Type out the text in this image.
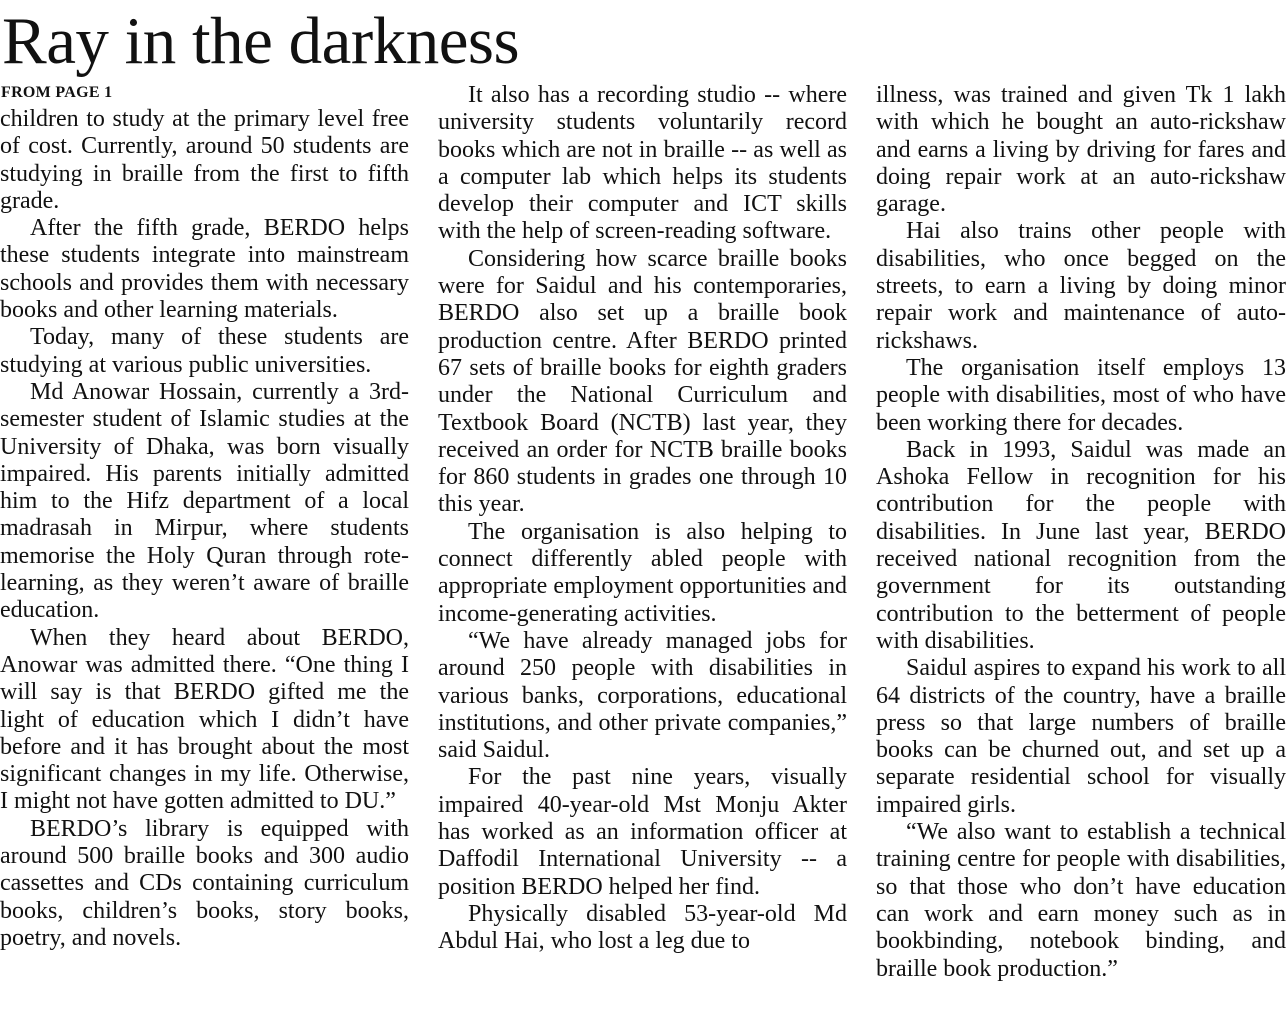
Ray in the darkness
FROM PAGE 1

children to study at the primary level free of cost. Currently, around 50 students are studying in braille from the first to fifth grade.

After the fifth grade, BERDO helps these students integrate into mainstream schools and provides them with necessary books and other learning materials.

Today, many of these students are studying at various public universities.

Md Anowar Hossain, currently a 3rd-semester student of Islamic studies at the University of Dhaka, was born visually impaired. His parents initially admitted him to the Hifz department of a local madrasah in Mirpur, where students memorise the Holy Quran through rote-learning, as they weren’t aware of braille education.

When they heard about BERDO, Anowar was admitted there. “One thing I will say is that BERDO gifted me the light of education which I didn’t have before and it has brought about the most significant changes in my life. Otherwise, I might not have gotten admitted to DU.”

BERDO’s library is equipped with around 500 braille books and 300 audio cassettes and CDs containing curriculum books, children’s books, story books, poetry, and novels.

It also has a recording studio -- where university students voluntarily record books which are not in braille -- as well as a computer lab which helps its students develop their computer and ICT skills with the help of screen-reading software.

Considering how scarce braille books were for Saidul and his contemporaries, BERDO also set up a braille book production centre. After BERDO printed 67 sets of braille books for eighth graders under the National Curriculum and Textbook Board (NCTB) last year, they received an order for NCTB braille books for 860 students in grades one through 10 this year.

The organisation is also helping to connect differently abled people with appropriate employment opportunities and income-generating activities.

“We have already managed jobs for around 250 people with disabilities in various banks, corporations, educational institutions, and other private companies,” said Saidul.

For the past nine years, visually impaired 40-year-old Mst Monju Akter has worked as an information officer at Daffodil International University -- a position BERDO helped her find.

Physically disabled 53-year-old Md Abdul Hai, who lost a leg due to

illness, was trained and given Tk 1 lakh with which he bought an auto-rickshaw and earns a living by driving for fares and doing repair work at an auto-rickshaw garage.

Hai also trains other people with disabilities, who once begged on the streets, to earn a living by doing minor repair work and maintenance of auto-rickshaws.

The organisation itself employs 13 people with disabilities, most of who have been working there for decades.

Back in 1993, Saidul was made an Ashoka Fellow in recognition for his contribution for the people with disabilities. In June last year, BERDO received national recognition from the government for its outstanding contribution to the betterment of people with disabilities.

Saidul aspires to expand his work to all 64 districts of the country, have a braille press so that large numbers of braille books can be churned out, and set up a separate residential school for visually impaired girls.

“We also want to establish a technical training centre for people with disabilities, so that those who don’t have education can work and earn money such as in bookbinding, notebook binding, and braille book production.”
